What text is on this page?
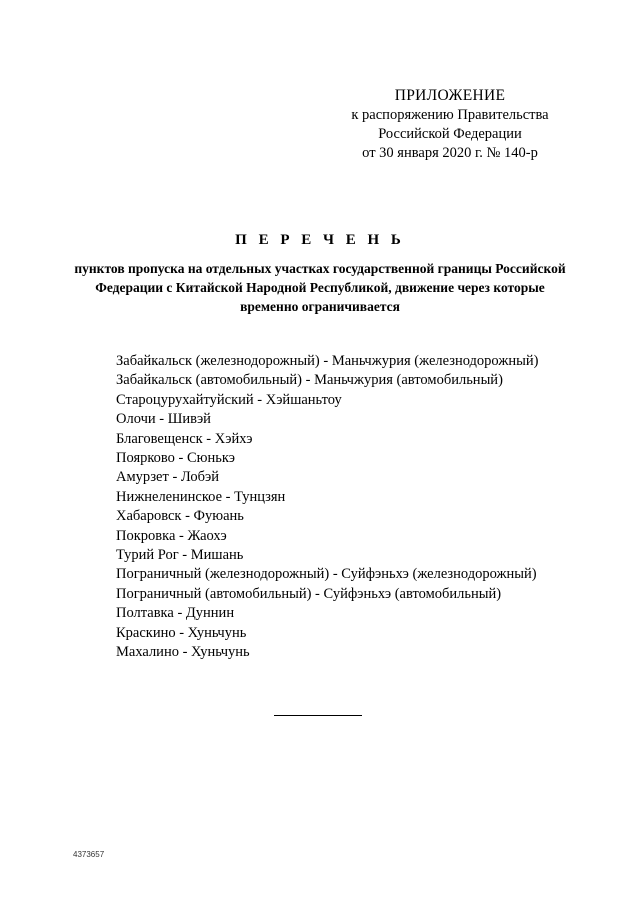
ПРИЛОЖЕНИЕ
к распоряжению Правительства
Российской Федерации
от 30 января 2020 г. № 140-р
П Е Р Е Ч Е Н Ь
пунктов пропуска на отдельных участках государственной границы Российской Федерации с Китайской Народной Республикой, движение через которые временно ограничивается
Забайкальск (железнодорожный) - Маньчжурия (железнодорожный)
Забайкальск (автомобильный) - Маньчжурия (автомобильный)
Староцурухайтуйский - Хэйшаньтоу
Олочи - Шивэй
Благовещенск - Хэйхэ
Поярково - Сюнькэ
Амурзет - Лобэй
Нижнеленинское - Тунцзян
Хабаровск - Фуюань
Покровка - Жаохэ
Турий Рог - Мишань
Пограничный (железнодорожный) - Суйфэньхэ (железнодорожный)
Пограничный (автомобильный) - Суйфэньхэ (автомобильный)
Полтавка - Дуннин
Краскино - Хуньчунь
Махалино - Хуньчунь
4373657
